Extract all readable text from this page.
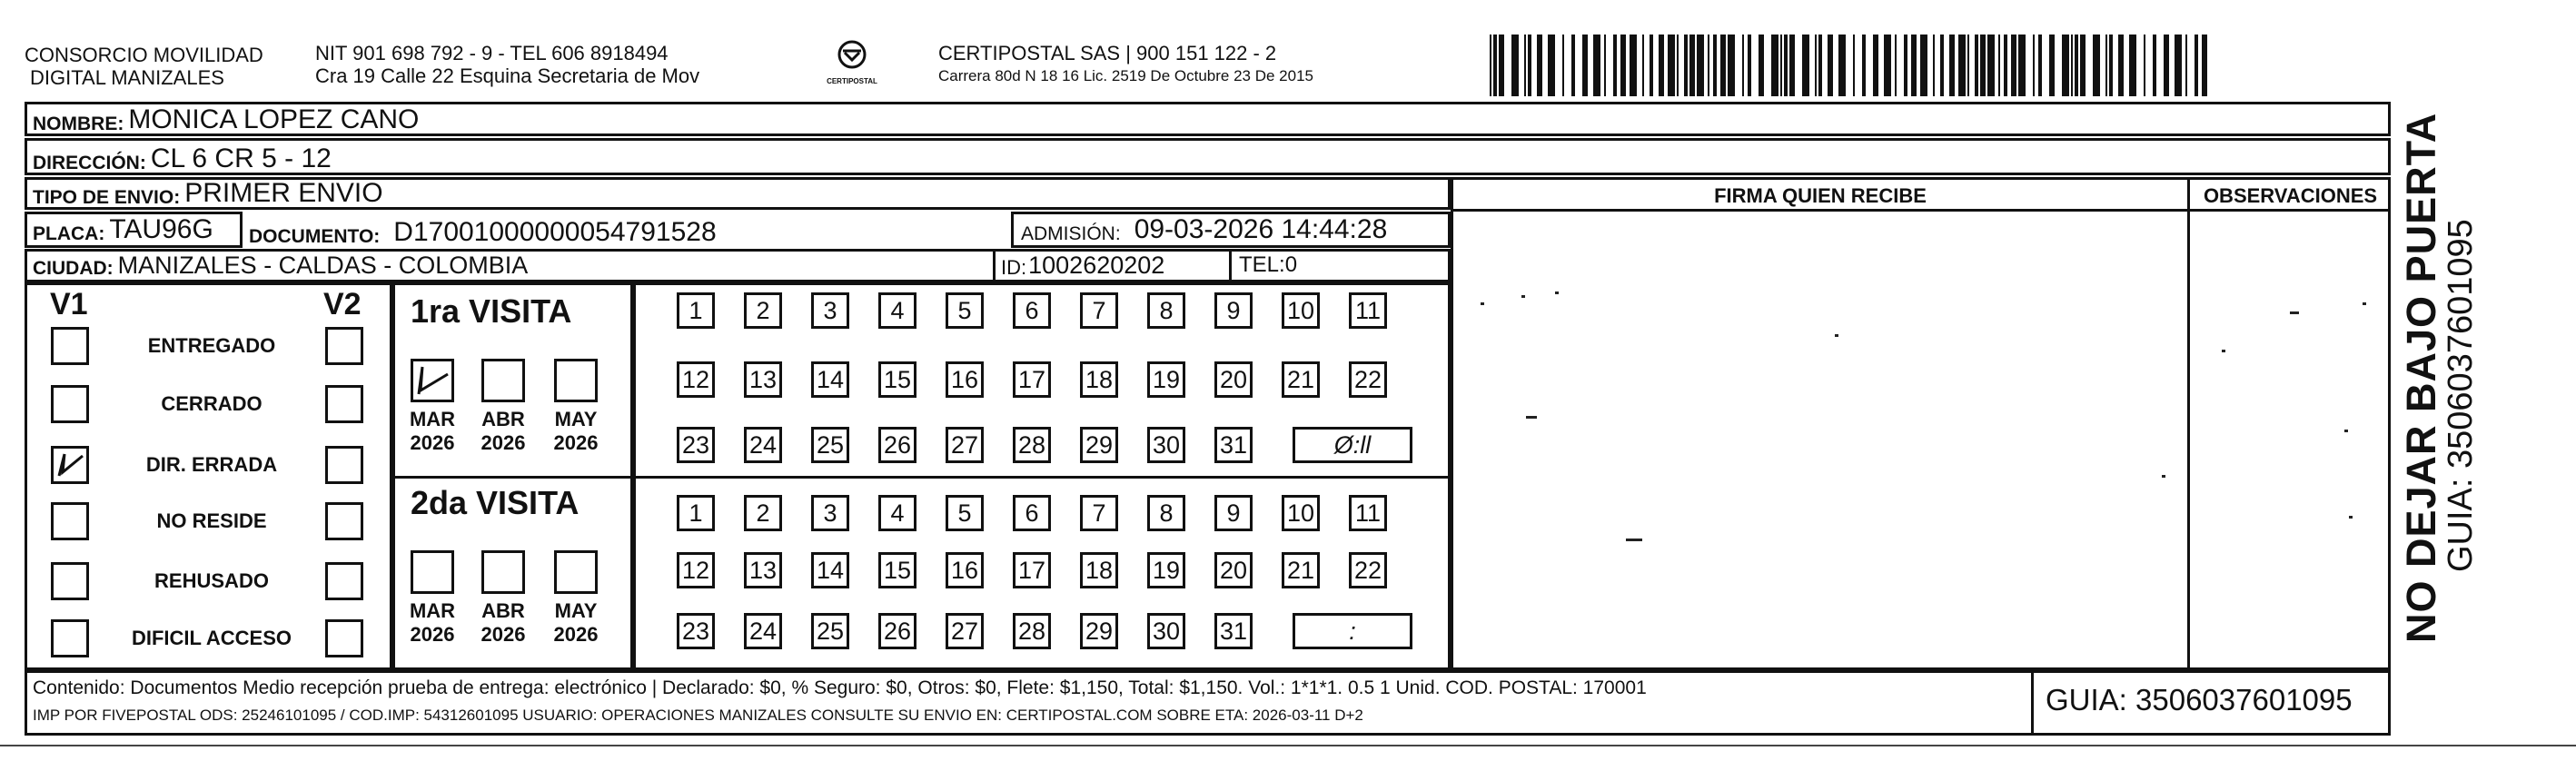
CONSORCIO MOVILIDAD
DIGITAL MANIZALES
NIT 901 698 792 - 9 - TEL 606 8918494
Cra 19 Calle 22 Esquina Secretaria de Mov	CERTIPOSTAL
CERTIPOSTAL SAS | 900 151 122 - 2
Carrera 80d N 18 16 Lic. 2519 De Octubre 23 De 2015
NOMBRE: MONICA LOPEZ CANO
DIRECCIÓN: CL 6 CR 5 - 12
TIPO DE ENVIO: PRIMER ENVIO
PLACA: TAU96G DOCUMENTO: D17001000000054791528	ADMISIÓN: 09-03-2026 14:44:28
CIUDAD: MANIZALES - CALDAS - COLOMBIA	ID: 1002620202	TEL:0
FIRMA QUIEN RECIBE	OBSERVACIONES
V1	V2
ENTREGADO
CERRADO
DIR. ERRADA
NO RESIDE
REHUSADO
DIFICIL ACCESO
1ra VISITA
2da VISITA
MAR
2026
ABR
2026
MAY
2026
1	2	3	4	5	6	7	8	9	10 11
12 13 14 15 16 17 18 19 20 21 22
23 24 25 26 27 28 29 30 31	Ø:ll
MAR
2026
ABR
2026
MAY
2026
1	2	3	4	5	6	7	8	9	10 11
12 13 14 15 16 17 18 19 20 21 22
23 24 25 26 27 28 29 30 31	:
Contenido: Documentos Medio recepción prueba de entrega: electrónico | Declarado: $0, % Seguro: $0, Otros: $0, Flete: $1,150, Total: $1,150. Vol.: 1*1*1. 0.5 1 Unid. COD. POSTAL: 170001
IMP POR FIVEPOSTAL ODS: 25246101095 / COD.IMP: 54312601095 USUARIO: OPERACIONES MANIZALES CONSULTE SU ENVIO EN: CERTIPOSTAL.COM SOBRE ETA: 2026-03-11 D+2	GUIA: 3506037601095
NO DEJAR BAJO PUERTA
GUIA: 3506037601095
